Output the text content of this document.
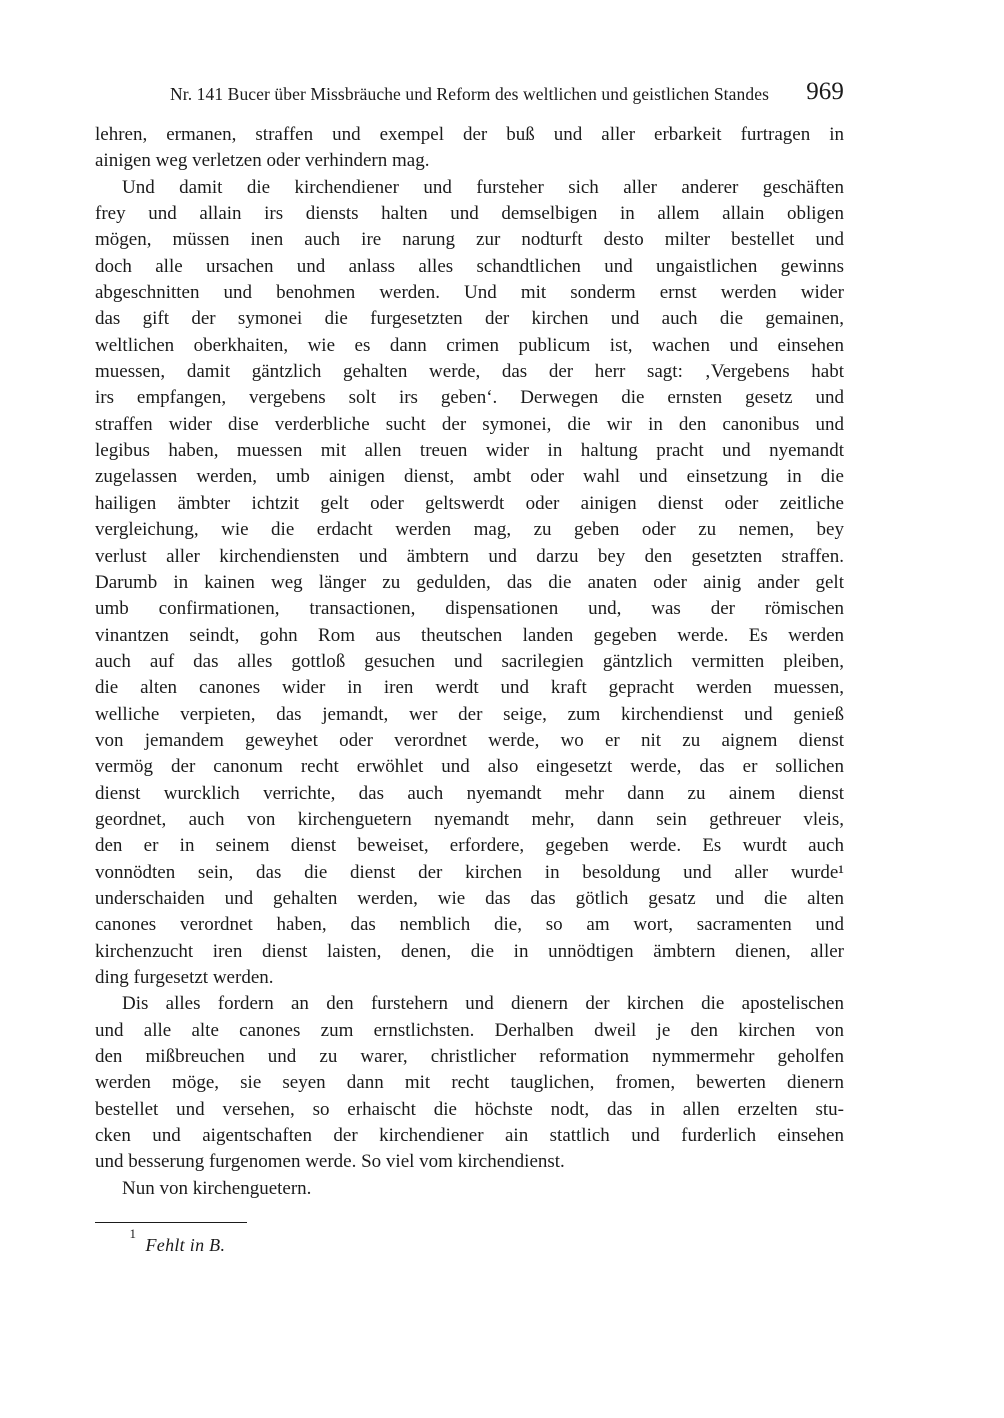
Nr. 141 Bucer über Missbräuche und Reform des weltlichen und geistlichen Standes 969
lehren, ermanen, straffen und exempel der buß und aller erbarkeit furtragen in
ainigen weg verletzen oder verhindern mag.
Und damit die kirchendiener und fursteher sich aller anderer geschäften
frey und allain irs diensts halten und demselbigen in allem allain obligen
mögen, müssen inen auch ire narung zur nodturft desto milter bestellet und
doch alle ursachen und anlass alles schandtlichen und ungaistlichen gewinns
abgeschnitten und benohmen werden. Und mit sonderm ernst werden wider
das gift der symonei die furgesetzten der kirchen und auch die gemainen,
weltlichen oberkhaiten, wie es dann crimen publicum ist, wachen und einsehen
muessen, damit gäntzlich gehalten werde, das der herr sagt: ‚Vergebens habt
irs empfangen, vergebens solt irs geben‘. Derwegen die ernsten gesetz und
straffen wider dise verderbliche sucht der symonei, die wir in den canonibus und
legibus haben, muessen mit allen treuen wider in haltung pracht und nyemandt
zugelassen werden, umb ainigen dienst, ambt oder wahl und einsetzung in die
hailigen ämbter ichtzit gelt oder geltswerdt oder ainigen dienst oder zeitliche
vergleichung, wie die erdacht werden mag, zu geben oder zu nemen, bey
verlust aller kirchendiensten und ämbtern und darzu bey den gesetzten straffen.
Darumb in kainen weg länger zu gedulden, das die anaten oder ainig ander gelt
umb confirmationen, transactionen, dispensationen und, was der römischen
vinantzen seindt, gohn Rom aus theutschen landen gegeben werde. Es werden
auch auf das alles gottloß gesuchen und sacrilegien gäntzlich vermitten pleiben,
die alten canones wider in iren werdt und kraft gepracht werden muessen,
welliche verpieten, das jemandt, wer der seige, zum kirchendienst und genieß
von jemandem geweyhet oder verordnet werde, wo er nit zu aignem dienst
vermög der canonum recht erwöhlet und also eingesetzt werde, das er sollichen
dienst wurcklich verrichte, das auch nyemandt mehr dann zu ainem dienst
geordnet, auch von kirchenguetern nyemandt mehr, dann sein gethreuer vleis,
den er in seinem dienst beweiset, erfordere, gegeben werde. Es wurdt auch
vonnödten sein, das die dienst der kirchen in besoldung und aller wurde¹
underschaiden und gehalten werden, wie das das götlich gesatz und die alten
canones verordnet haben, das nemblich die, so am wort, sacramenten und
kirchenzucht iren dienst laisten, denen, die in unnödtigen ämbtern dienen, aller
ding furgesetzt werden.
Dis alles fordern an den furstehern und dienern der kirchen die apostelischen
und alle alte canones zum ernstlichsten. Derhalben dweil je den kirchen von
den mißbreuchen und zu warer, christlicher reformation nymmermehr geholfen
werden möge, sie seyen dann mit recht tauglichen, fromen, bewerten dienern
bestellet und versehen, so erhaischt die höchste nodt, das in allen erzelten stu-
cken und aigentschaften der kirchendiener ain stattlich und furderlich einsehen
und besserung furgenomen werde. So viel vom kirchendienst.
Nun von kirchenguetern.
$^1$ Fehlt in B.
